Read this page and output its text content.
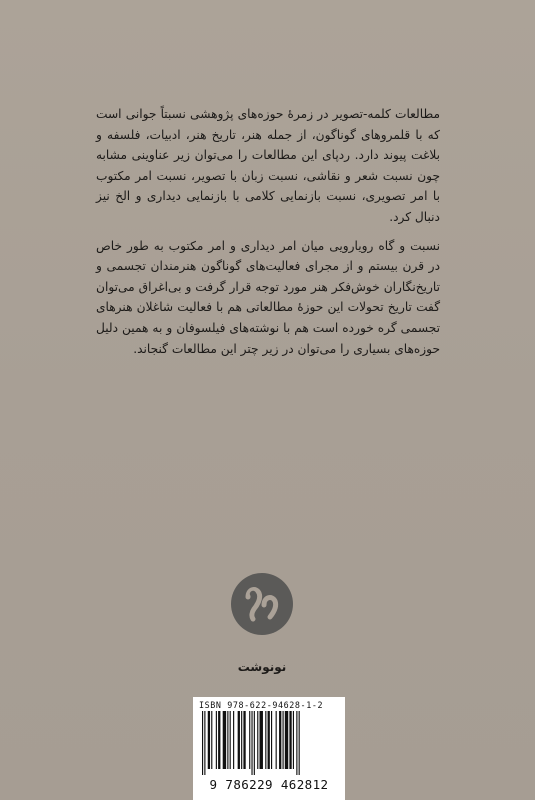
مطالعات کلمه-تصویر در زمرهٔ حوزه‌های پژوهشی نسبتاً جوانی است که با قلمروهای گوناگون، از جمله هنر، تاریخ هنر، ادبیات، فلسفه و بلاغت پیوند دارد. ردپای این مطالعات را می‌توان زیر عناوینی مشابه چون نسبت شعر و نقاشی، نسبت زبان با تصویر، نسبت امر مکتوب با امر تصویری، نسبت بازنمایی کلامی با بازنمایی دیداری و الخ نیز دنبال کرد.

نسبت و گاه رویارویی میان امر دیداری و امر مکتوب به طور خاص در قرن بیستم و از مجرای فعالیت‌های گوناگون هنرمندان تجسمی و تاریخ‌نگاران خوش‌فکر هنر مورد توجه قرار گرفت و بی‌اغراق می‌توان گفت تاریخ تحولات این حوزهٔ مطالعاتی هم با فعالیت شاغلان هنرهای تجسمی گره خورده است هم با نوشته‌های فیلسوفان و به همین دلیل حوزه‌های بسیاری را می‌توان در زیر چتر این مطالعات گنجاند.

نونوشت
ISBN 978-622-94628-1-2
9 786229 462812
